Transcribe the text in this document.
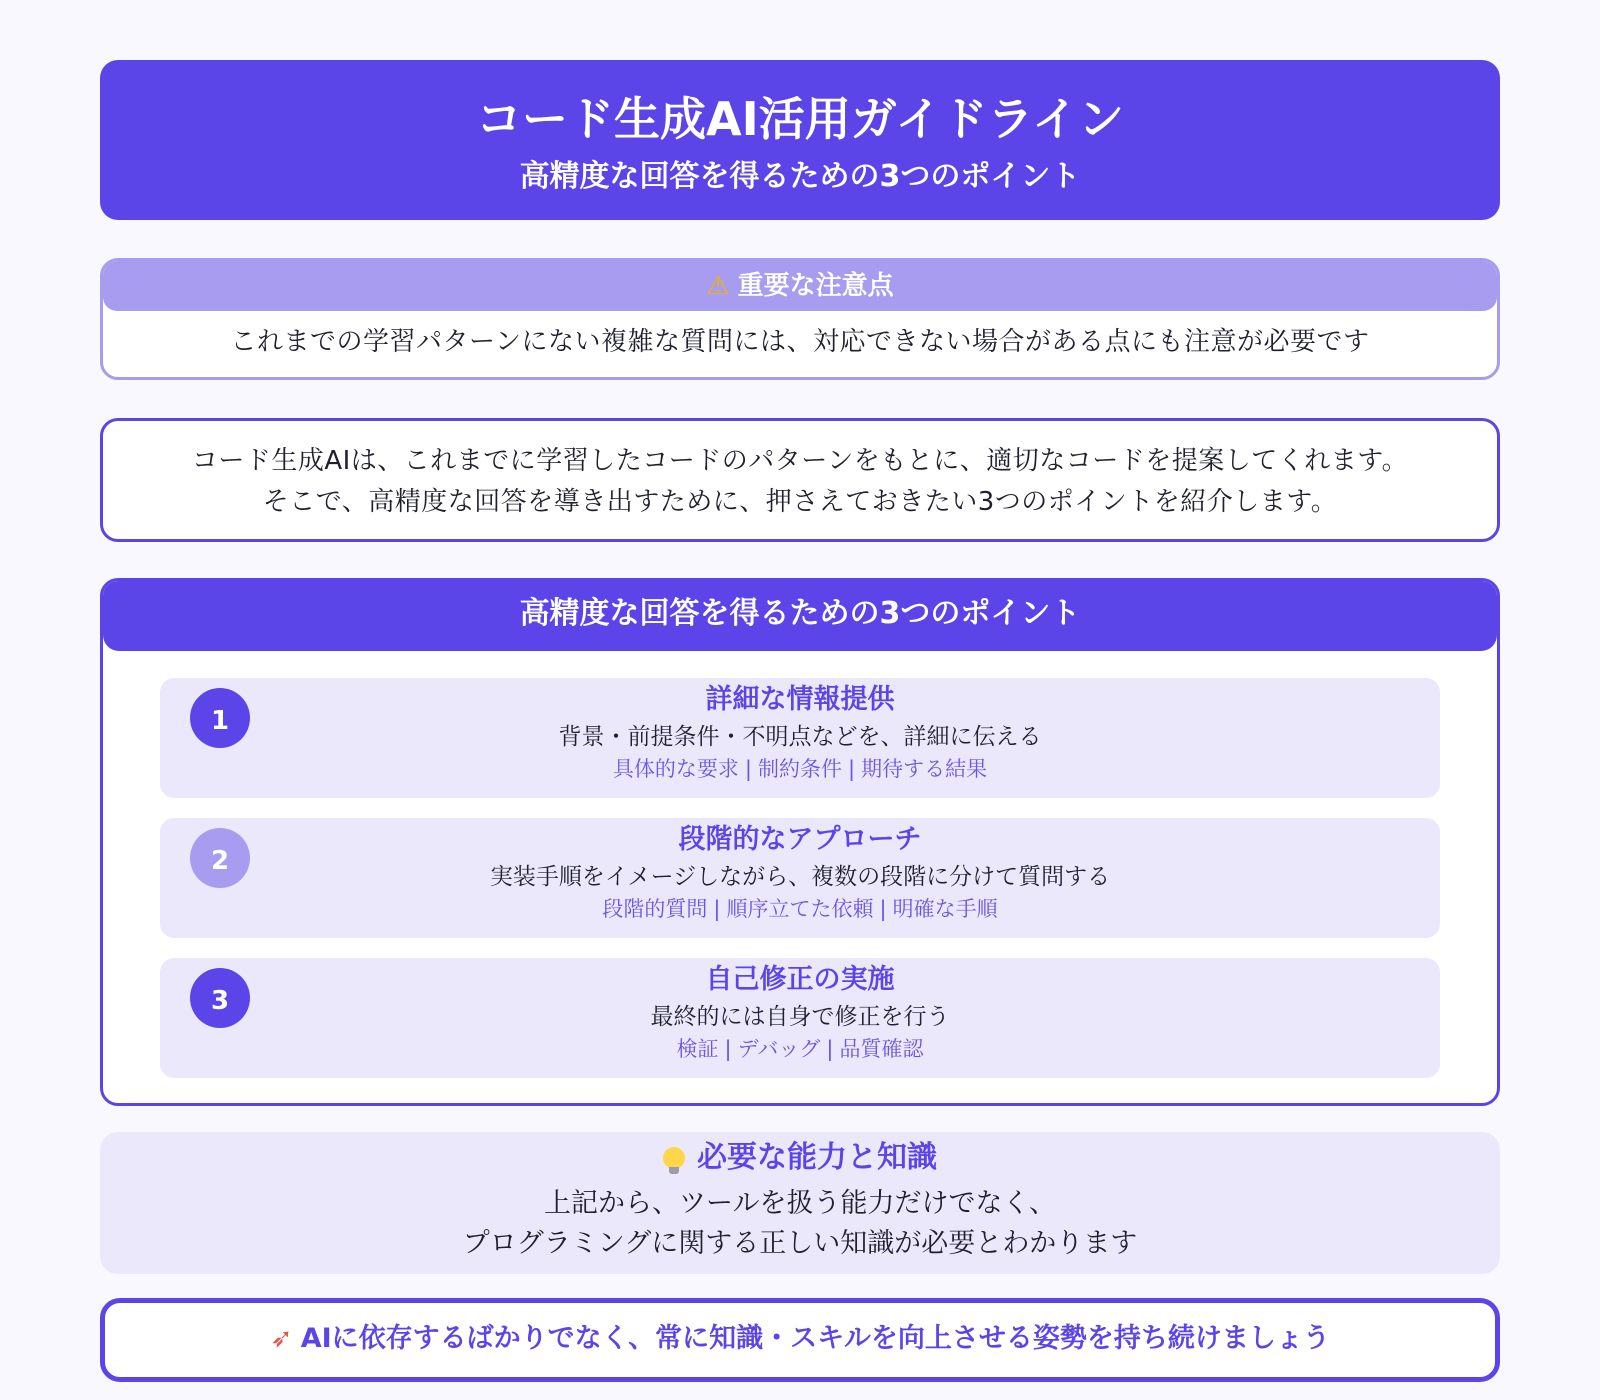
コード生成AI活用ガイドライン
高精度な回答を得るための3つのポイント
⚠ 重要な注意点
これまでの学習パターンにない複雑な質問には、対応できない場合がある点にも注意が必要です
コード生成AIは、これまでに学習したコードのパターンをもとに、適切なコードを提案してくれます。
そこで、高精度な回答を導き出すために、押さえておきたい3つのポイントを紹介します。
高精度な回答を得るための3つのポイント
1
詳細な情報提供
背景・前提条件・不明点などを、詳細に伝える
具体的な要求 | 制約条件 | 期待する結果
2
段階的なアプローチ
実装手順をイメージしながら、複数の段階に分けて質問する
段階的質問 | 順序立てた依頼 | 明確な手順
3
自己修正の実施
最終的には自身で修正を行う
検証 | デバッグ | 品質確認
必要な能力と知識
上記から、ツールを扱う能力だけでなく、
プログラミングに関する正しい知識が必要とわかります
➶ AIに依存するばかりでなく、常に知識・スキルを向上させる姿勢を持ち続けましょう
